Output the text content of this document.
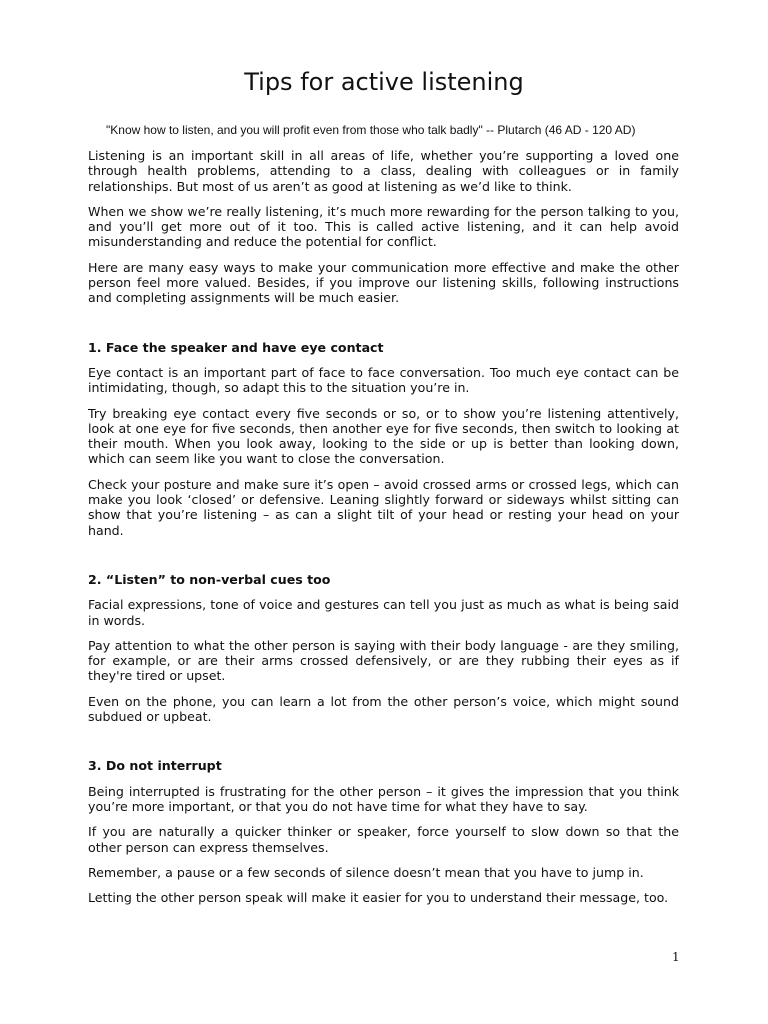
Tips for active listening

"Know how to listen, and you will profit even from those who talk badly" -- Plutarch (46 AD - 120 AD)

Listening is an important skill in all areas of life, whether you’re supporting a loved one through health problems, attending to a class, dealing with colleagues or in family relationships. But most of us aren’t as good at listening as we’d like to think.

When we show we’re really listening, it’s much more rewarding for the person talking to you, and you’ll get more out of it too. This is called active listening, and it can help avoid misunderstanding and reduce the potential for conflict.

Here are many easy ways to make your communication more effective and make the other person feel more valued. Besides, if you improve our listening skills, following instructions and completing assignments will be much easier.

1. Face the speaker and have eye contact

Eye contact is an important part of face to face conversation. Too much eye contact can be intimidating, though, so adapt this to the situation you’re in.

Try breaking eye contact every five seconds or so, or to show you’re listening attentively, look at one eye for five seconds, then another eye for five seconds, then switch to looking at their mouth. When you look away, looking to the side or up is better than looking down, which can seem like you want to close the conversation.

Check your posture and make sure it’s open – avoid crossed arms or crossed legs, which can make you look ‘closed’ or defensive. Leaning slightly forward or sideways whilst sitting can show that you’re listening – as can a slight tilt of your head or resting your head on your hand.

2. “Listen” to non-verbal cues too

Facial expressions, tone of voice and gestures can tell you just as much as what is being said in words.

Pay attention to what the other person is saying with their body language - are they smiling, for example, or are their arms crossed defensively, or are they rubbing their eyes as if they're tired or upset.

Even on the phone, you can learn a lot from the other person’s voice, which might sound subdued or upbeat.

3. Do not interrupt

Being interrupted is frustrating for the other person – it gives the impression that you think you’re more important, or that you do not have time for what they have to say.

If you are naturally a quicker thinker or speaker, force yourself to slow down so that the other person can express themselves.

Remember, a pause or a few seconds of silence doesn’t mean that you have to jump in.

Letting the other person speak will make it easier for you to understand their message, too.

1
